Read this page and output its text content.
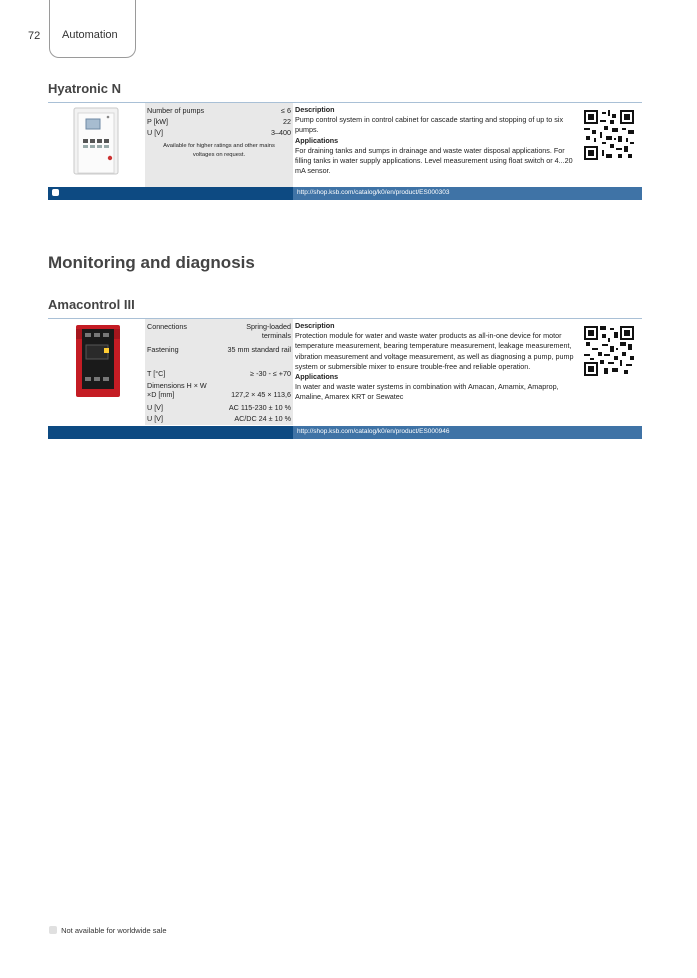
72 Automation
Hyatronic N
Number of pumps	≤ 6
P [kW]	22
U [V]	3–400
Available for higher ratings and other mains voltages on request.
Description
Pump control system in control cabinet for cascade starting and stopping of up to six pumps.
Applications
For draining tanks and sumps in drainage and waste water disposal applications. For filling tanks in water supply applications. Level measurement using float switch or 4...20 mA sensor.
http://shop.ksb.com/catalog/k0/en/product/ES000303
Monitoring and diagnosis
Amacontrol III
Connections	Spring-loaded terminals
Fastening	35 mm standard rail
T [°C]	≥ -30 - ≤ +70
Dimensions H × W ×D [mm]	127,2 × 45 × 113,6
U [V]	AC 115-230 ± 10 %
U [V]	AC/DC 24 ± 10 %
Description
Protection module for water and waste water products as all-in-one device for motor temperature measurement, bearing temperature measurement, leakage measurement, vibration measurement and voltage measurement, as well as diagnosing a pump, pump system or submersible mixer to ensure trouble-free and reliable operation.
Applications
In water and waste water systems in combination with Amacan, Amamix, Amaprop, Amaline, Amarex KRT or Sewatec
http://shop.ksb.com/catalog/k0/en/product/ES000946
Not available for worldwide sale
